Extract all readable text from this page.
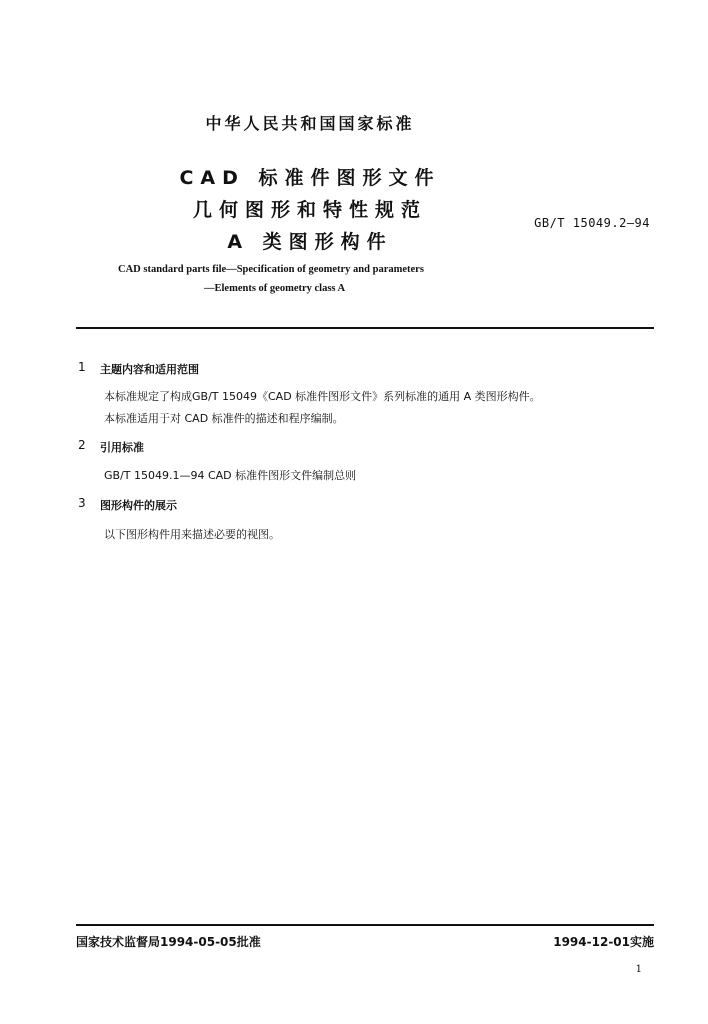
中华人民共和国国家标准
CAD 标准件图形文件
几何图形和特性规范
A 类图形构件
GB/T 15049.2—94
CAD standard parts file—Specification of geometry and parameters
—Elements of geometry class A
1 主题内容和适用范围
本标准规定了构成GB/T 15049《CAD 标准件图形文件》系列标准的通用 A 类图形构件。
本标准适用于对 CAD 标准件的描述和程序编制。
2 引用标准
GB/T 15049.1—94 CAD 标准件图形文件编制总则
3 图形构件的展示
以下图形构件用来描述必要的视图。
国家技术监督局1994-05-05批准	1994-12-01实施
1
